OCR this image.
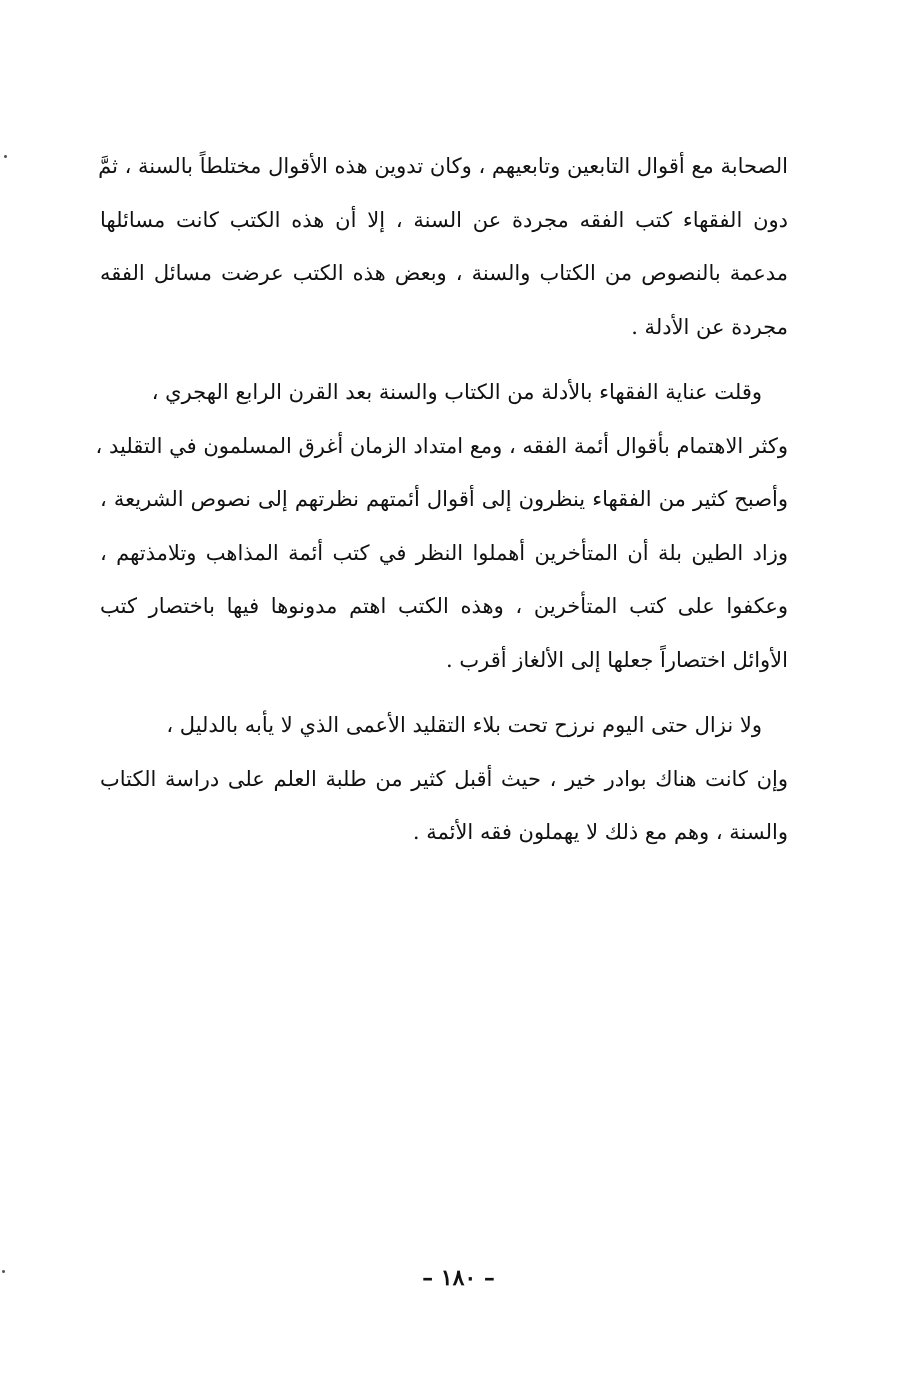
الصحابة مع أقوال التابعين وتابعيهم ، وكان تدوين هذه الأقوال مختلطاً بالسنة ، ثمَّ
دون الفقهاء كتب الفقه مجردة عن السنة ، إلا أن هذه الكتب كانت مسائلها
مدعمة بالنصوص من الكتاب والسنة ، وبعض هذه الكتب عرضت مسائل الفقه
مجردة عن الأدلة .
وقلت عناية الفقهاء بالأدلة من الكتاب والسنة بعد القرن الرابع الهجري ،
وكثر الاهتمام بأقوال أئمة الفقه ، ومع امتداد الزمان أغرق المسلمون في التقليد ،
وأصبح كثير من الفقهاء ينظرون إلى أقوال أئمتهم نظرتهم إلى نصوص الشريعة ،
وزاد الطين بلة أن المتأخرين أهملوا النظر في كتب أئمة المذاهب وتلامذتهم ،
وعكفوا على كتب المتأخرين ، وهذه الكتب اهتم مدونوها فيها باختصار كتب
الأوائل اختصاراً جعلها إلى الألغاز أقرب .
ولا نزال حتى اليوم نرزح تحت بلاء التقليد الأعمى الذي لا يأبه بالدليل ،
وإن كانت هناك بوادر خير ، حيث أقبل كثير من طلبة العلم على دراسة الكتاب
والسنة ، وهم مع ذلك لا يهملون فقه الأئمة .
– ١٨٠ –
